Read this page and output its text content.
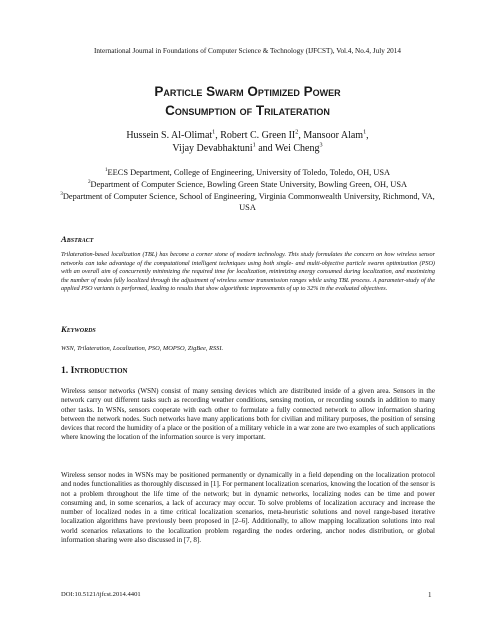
International Journal in Foundations of Computer Science & Technology (IJFCST), Vol.4, No.4, July 2014
Particle Swarm Optimized Power
Consumption of Trilateration
Hussein S. Al-Olimat$^1$, Robert C. Green $II^2$, Mansoor Alam$^1$,
Vijay Devabhaktuni$^1$ and Wei Cheng$^3$
$^1$EECS Department, College of Engineering, University of Toledo, Toledo, OH, USA
$^2$Department of Computer Science, Bowling Green State University, Bowling Green, OH, USA
$^3$Department of Computer Science, School of Engineering, Virginia Commonwealth University, Richmond, VA, USA
Abstract
Trilateration-based localization (TBL) has become a corner stone of modern technology. This study formulates the concern on how wireless sensor networks can take advantage of the computational intelligent techniques using both single- and multi-objective particle swarm optimization (PSO) with an overall aim of concurrently minimizing the required time for localization, minimizing energy consumed during localization, and maximizing the number of nodes fully localized through the adjustment of wireless sensor transmission ranges while using TBL process. A parameter-study of the applied PSO variants is performed, leading to results that show algorithmic improvements of up to 32% in the evaluated objectives.
Keywords
WSN, Trilateration, Localization, PSO, MOPSO, ZigBee, RSSI.
1. Introduction
Wireless sensor networks (WSN) consist of many sensing devices which are distributed inside of a given area. Sensors in the network carry out different tasks such as recording weather conditions, sensing motion, or recording sounds in addition to many other tasks. In WSNs, sensors cooperate with each other to formulate a fully connected network to allow information sharing between the network nodes. Such networks have many applications both for civilian and military purposes, the position of sensing devices that record the humidity of a place or the position of a military vehicle in a war zone are two examples of such applications where knowing the location of the information source is very important.
Wireless sensor nodes in WSNs may be positioned permanently or dynamically in a field depending on the localization protocol and nodes functionalities as thoroughly discussed in [1]. For permanent localization scenarios, knowing the location of the sensor is not a problem throughout the life time of the network; but in dynamic networks, localizing nodes can be time and power consuming and, in some scenarios, a lack of accuracy may occur. To solve problems of localization accuracy and increase the number of localized nodes in a time critical localization scenarios, meta-heuristic solutions and novel range-based iterative localization algorithms have previously been proposed in [2–6]. Additionally, to allow mapping localization solutions into real world scenarios relaxations to the localization problem regarding the nodes ordering, anchor nodes distribution, or global information sharing were also discussed in [7, 8].
DOI:10.5121/ijfcst.2014.4401	1
